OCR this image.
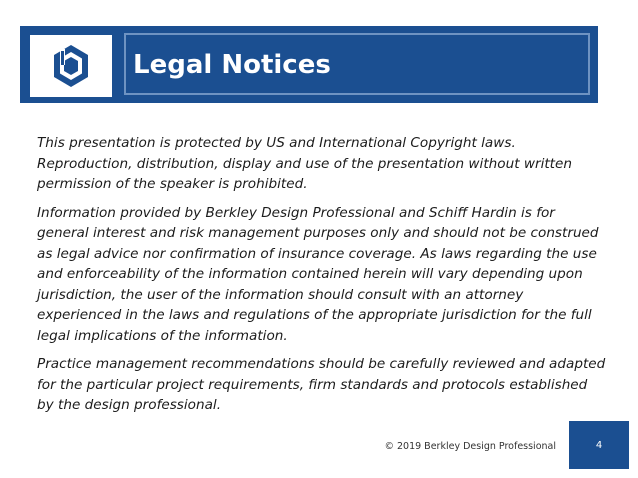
Legal Notices

This presentation is protected by US and International Copyright laws. Reproduction, distribution, display and use of the presentation without written permission of the speaker is prohibited.

Information provided by Berkley Design Professional and Schiff Hardin is for general interest and risk management purposes only and should not be construed as legal advice nor confirmation of insurance coverage. As laws regarding the use and enforceability of the information contained herein will vary depending upon jurisdiction, the user of the information should consult with an attorney experienced in the laws and regulations of the appropriate jurisdiction for the full legal implications of the information.

Practice management recommendations should be carefully reviewed and adapted for the particular project requirements, firm standards and protocols established by the design professional.

© 2019 Berkley Design Professional	4
